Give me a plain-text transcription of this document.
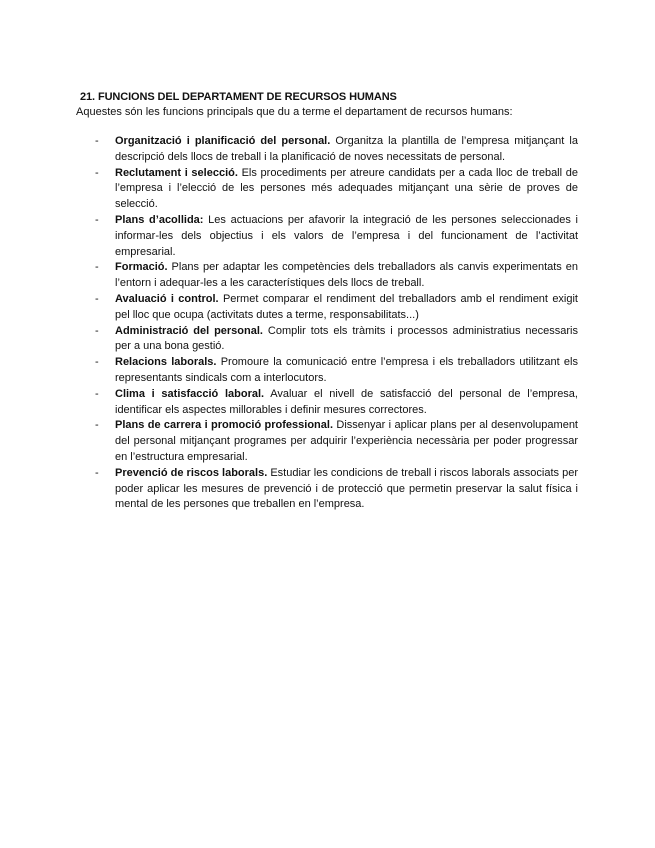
21. FUNCIONS DEL DEPARTAMENT DE RECURSOS HUMANS
Aquestes són les funcions principals que du a terme el departament de recursos humans:
- Organització i planificació del personal. Organitza la plantilla de l’empresa mitjançant la descripció dels llocs de treball i la planificació de noves necessitats de personal.
- Reclutament i selecció. Els procediments per atreure candidats per a cada lloc de treball de l’empresa i l’elecció de les persones més adequades mitjançant una sèrie de proves de selecció.
- Plans d’acollida: Les actuacions per afavorir la integració de les persones seleccionades i informar-les dels objectius i els valors de l’empresa i del funcionament de l’activitat empresarial.
- Formació. Plans per adaptar les competències dels treballadors als canvis experimentats en l’entorn i adequar-les a les característiques dels llocs de treball.
- Avaluació i control. Permet comparar el rendiment del treballadors amb el rendiment exigit pel lloc que ocupa (activitats dutes a terme, responsabilitats...)
- Administració del personal. Complir tots els tràmits i processos administratius necessaris per a una bona gestió.
- Relacions laborals. Promoure la comunicació entre l’empresa i els treballadors utilitzant els representants sindicals com a interlocutors.
- Clima i satisfacció laboral. Avaluar el nivell de satisfacció del personal de l’empresa, identificar els aspectes millorables i definir mesures correctores.
- Plans de carrera i promoció professional. Dissenyar i aplicar plans per al desenvolupament del personal mitjançant programes per adquirir l’experiència necessària per poder progressar en l’estructura empresarial.
- Prevenció de riscos laborals. Estudiar les condicions de treball i riscos laborals associats per poder aplicar les mesures de prevenció i de protecció que permetin preservar la salut física i mental de les persones que treballen en l’empresa.
